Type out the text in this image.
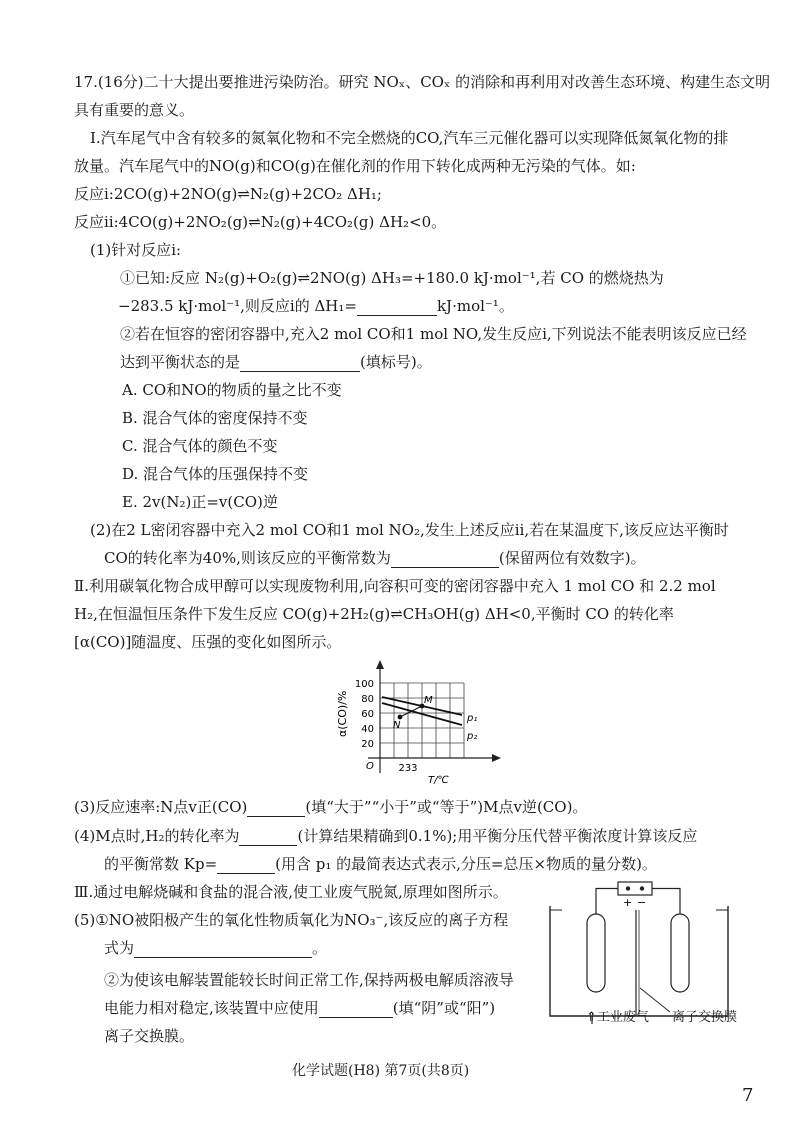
17.(16分)二十大提出要推进污染防治。研究 NOₓ、COₓ 的消除和再利用对改善生态环境、构建生态文明
具有重要的意义。
Ⅰ.汽车尾气中含有较多的氮氧化物和不完全燃烧的CO,汽车三元催化器可以实现降低氮氧化物的排
放量。汽车尾气中的NO(g)和CO(g)在催化剂的作用下转化成两种无污染的气体。如:
反应ⅰ:2CO(g)+2NO(g)⇌N₂(g)+2CO₂ ΔH₁;
反应ⅱ:4CO(g)+2NO₂(g)⇌N₂(g)+4CO₂(g) ΔH₂<0。
(1)针对反应ⅰ:
①已知:反应 N₂(g)+O₂(g)⇌2NO(g) ΔH₃=+180.0 kJ·mol⁻¹,若 CO 的燃烧热为
−283.5 kJ·mol⁻¹,则反应ⅰ的 ΔH₁=	kJ·mol⁻¹。
②若在恒容的密闭容器中,充入2 mol CO和1 mol NO,发生反应ⅰ,下列说法不能表明该反应已经
达到平衡状态的是	(填标号)。
A. CO和NO的物质的量之比不变
B. 混合气体的密度保持不变
C. 混合气体的颜色不变
D. 混合气体的压强保持不变
E. 2v(N₂)正=v(CO)逆
(2)在2 L密闭容器中充入2 mol CO和1 mol NO₂,发生上述反应ⅱ,若在某温度下,该反应达平衡时
CO的转化率为40%,则该反应的平衡常数为	(保留两位有效数字)。
Ⅱ.利用碳氧化物合成甲醇可以实现废物利用,向容积可变的密闭容器中充入 1 mol CO 和 2.2 mol
H₂,在恒温恒压条件下发生反应 CO(g)+2H₂(g)⇌CH₃OH(g) ΔH<0,平衡时 CO 的转化率
[α(CO)]随温度、压强的变化如图所示。
α(CO)/%
100
80
60
40
20
O 233
T/℃
M
N
p₁
p₂
(3)反应速率:N点v正(CO)	(填“大于”“小于”或“等于”)M点v逆(CO)。
(4)M点时,H₂的转化率为	(计算结果精确到0.1%);用平衡分压代替平衡浓度计算该反应
的平衡常数 Kp=	(用含 p₁ 的最简表达式表示,分压=总压×物质的量分数)。
Ⅲ.通过电解烧碱和食盐的混合液,使工业废气脱氮,原理如图所示。
(5)①NO被阳极产生的氧化性物质氧化为NO₃⁻,该反应的离子方程
式为	。
②为使该电解装置能较长时间正常工作,保持两极电解质溶液导
电能力相对稳定,该装置中应使用	(填“阴”或“阳”)
离子交换膜。
+ −
⇑工业废气 离子交换膜
化学试题(H8) 第7页(共8页)
7
